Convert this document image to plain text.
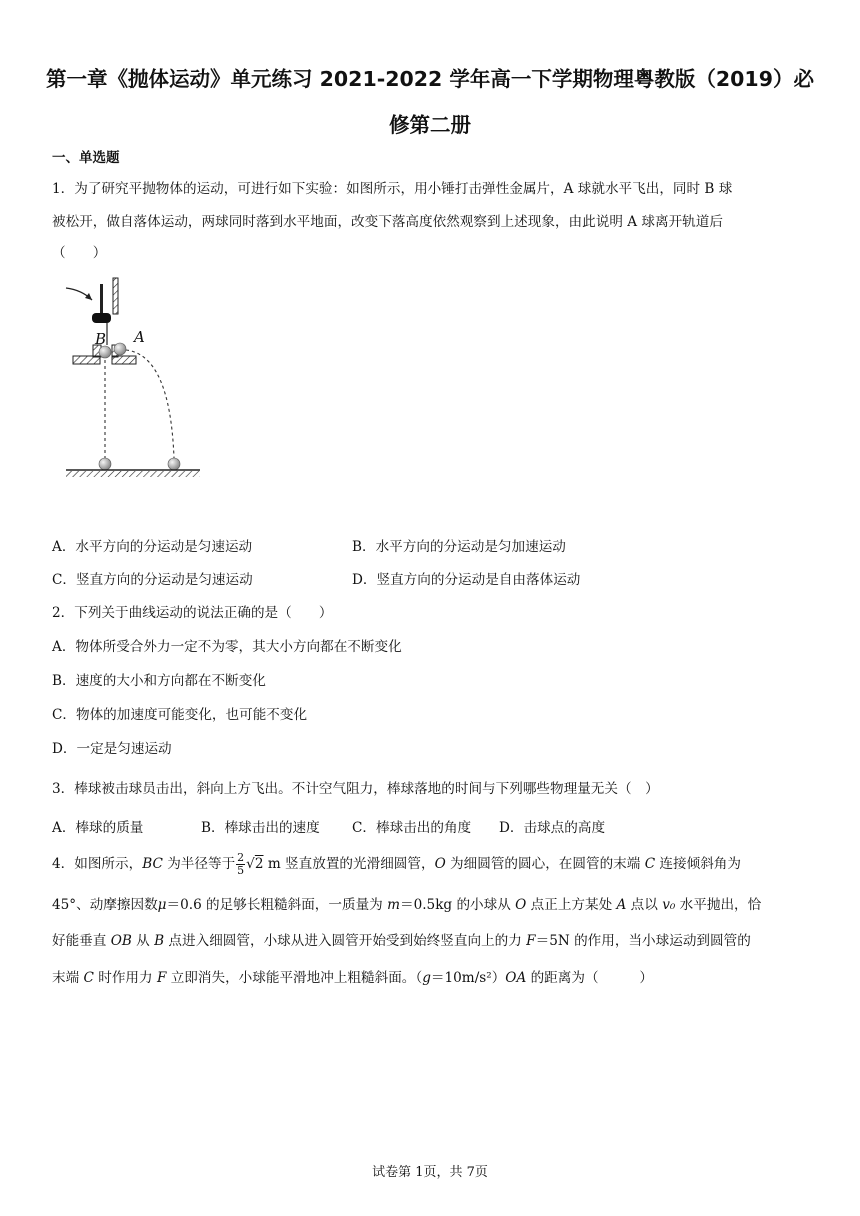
第一章《抛体运动》单元练习 2021-2022 学年高一下学期物理粤教版（2019）必
修第二册
一、单选题
1．为了研究平抛物体的运动，可进行如下实验：如图所示，用小锤打击弹性金属片，A 球就水平飞出，同时 B 球
被松开，做自落体运动，两球同时落到水平地面，改变下落高度依然观察到上述现象，由此说明 A 球离开轨道后
（　　）
B A
A．水平方向的分运动是匀速运动	B．水平方向的分运动是匀加速运动
C．竖直方向的分运动是匀速运动	D．竖直方向的分运动是自由落体运动
2．下列关于曲线运动的说法正确的是（　　）
A．物体所受合外力一定不为零，其大小方向都在不断变化
B．速度的大小和方向都在不断变化
C．物体的加速度可能变化，也可能不变化
D．一定是匀速运动
3．棒球被击球员击出，斜向上方飞出。不计空气阻力，棒球落地的时间与下列哪些物理量无关（　）
A．棒球的质量	B．棒球击出的速度 C．棒球击出的角度 D．击球点的高度
4．如图所示，BC 为半径等于 $\frac{2}{5} √2$ m 竖直放置的光滑细圆管，O 为细圆管的圆心，在圆管的末端 C 连接倾斜角为
45°、动摩擦因数μ＝0.6 的足够长粗糙斜面，一质量为 m＝0.5kg 的小球从 O 点正上方某处 A 点以 v₀ 水平抛出，恰
好能垂直 OB 从 B 点进入细圆管，小球从进入圆管开始受到始终竖直向上的力 F＝5N 的作用，当小球运动到圆管的
末端 C 时作用力 F 立即消失，小球能平滑地冲上粗糙斜面。（g＝10m/s²）OA 的距离为（　　　）
试卷第 1页，共 7页
